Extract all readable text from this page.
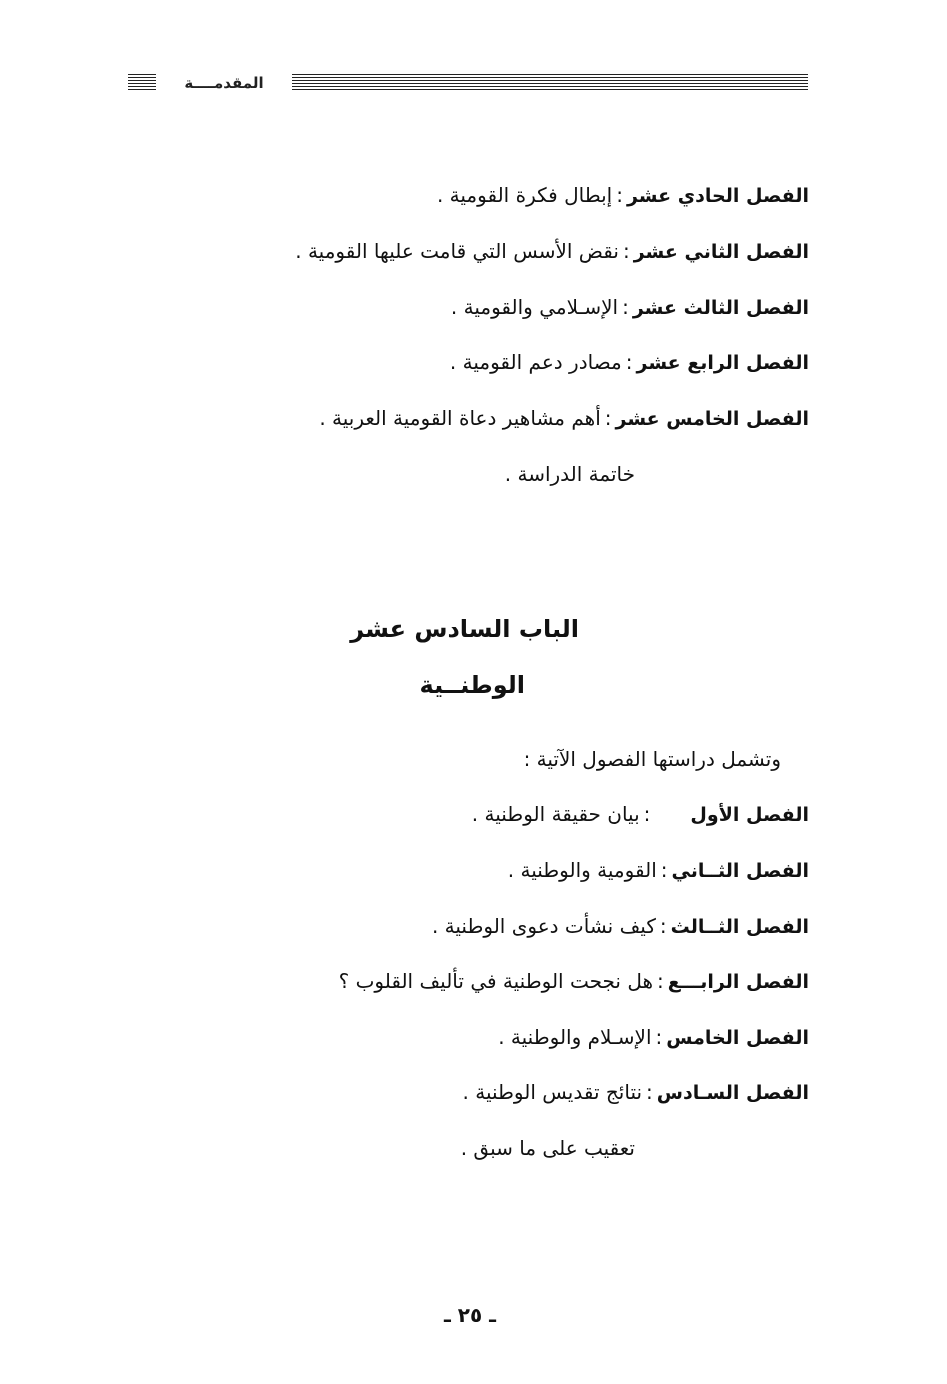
المقدمــــة
الفصل الحادي عشر:إبطال فكرة القومية .
الفصل الثاني عشر:نقض الأسس التي قامت عليها القومية .
الفصل الثالث عشر:الإسـلامي والقومية .
الفصل الرابع عشر:مصادر دعم القومية .
الفصل الخامس عشر:أهم مشاهير دعاة القومية العربية .
خاتمة الدراسة .
الباب السادس عشر
الوطنــية
وتشمل دراستها الفصول الآتية :
الفصل الأول:بيان حقيقة الوطنية .
الفصل الثــاني:القومية والوطنية .
الفصل الثــالث:كيف نشأت دعوى الوطنية .
الفصل الرابـــع:هل نجحت الوطنية في تأليف القلوب ؟
الفصل الخامس:الإسـلام والوطنية .
الفصل السـادس:نتائج تقديس الوطنية .
تعقيب على ما سبق .
ـ ٢٥ ـ
